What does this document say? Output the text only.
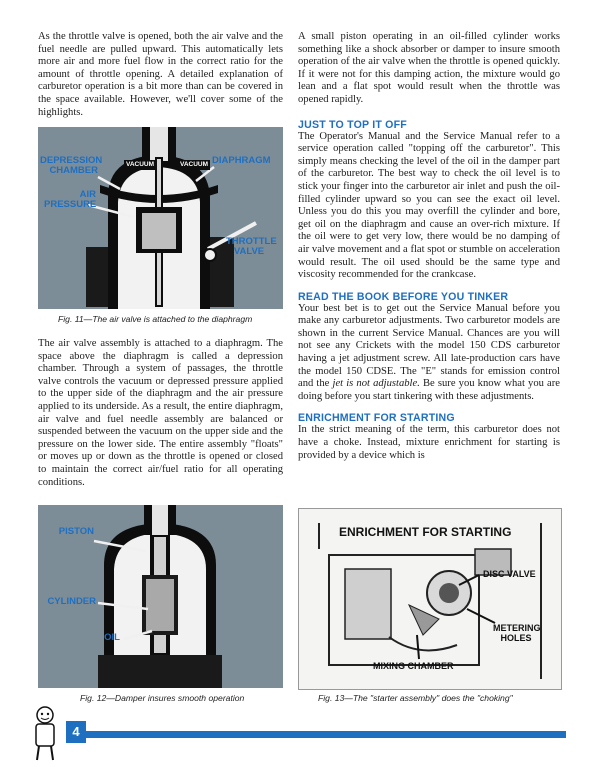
As the throttle valve is opened, both the air valve and the fuel needle are pulled upward. This automatically lets more air and more fuel flow in the correct ratio for the amount of throttle opening. A detailed explanation of carburetor operation is a bit more than can be covered in the space available. However, we'll cover some of the highlights.

DEPRESSION CHAMBER
VACUUM	VACUUM DIAPHRAGM
AIR PRESSURE
THROTTLE VALVE

Fig. 11—The air valve is attached to the diaphragm

The air valve assembly is attached to a diaphragm. The space above the diaphragm is called a depression chamber. Through a system of passages, the throttle valve controls the vacuum or depressed pressure applied to the upper side of the diaphragm and the air pressure applied to its underside. As a result, the entire diaphragm, air valve and fuel needle assembly are balanced or suspended between the vacuum on the upper side and the pressure on the lower side. The entire assembly "floats" or moves up or down as the throttle is opened or closed to maintain the correct air/fuel ratio for all operating conditions.

PISTON
CYLINDER
OIL

Fig. 12—Damper insures smooth operation

A small piston operating in an oil-filled cylinder works something like a shock absorber or damper to insure smooth operation of the air valve when the throttle is opened quickly. If it were not for this damping action, the mixture would go lean and a flat spot would result when the throttle was opened rapidly.

JUST TO TOP IT OFF

The Operator's Manual and the Service Manual refer to a service operation called "topping off the carburetor". This simply means checking the level of the oil in the damper part of the carburetor. The best way to check the oil level is to stick your finger into the carburetor air inlet and push the oil-filled cylinder upward so you can see the exact oil level. Unless you do this you may overfill the cylinder and bore, get oil on the diaphragm and cause an over-rich mixture. If the oil were to get very low, there would be no damping of air valve movement and a flat spot or stumble on acceleration would result. The oil used should be the same type and viscosity recommended for the crankcase.

READ THE BOOK BEFORE YOU TINKER

Your best bet is to get out the Service Manual before you make any carburetor adjustments. Two carburetor models are shown in the current Service Manual. Chances are you will not see any Crickets with the model 150 CDS carburetor having a jet adjustment screw. All late-production cars have the model 150 CDSE. The "E" stands for emission control and the jet is not adjustable. Be sure you know what you are doing before you start tinkering with these adjustments.

ENRICHMENT FOR STARTING

In the strict meaning of the term, this carburetor does not have a choke. Instead, mixture enrichment for starting is provided by a device which is

ENRICHMENT FOR STARTING
DISC VALVE
METERING HOLES
MIXING CHAMBER

Fig. 13—The "starter assembly" does the "choking"

4
